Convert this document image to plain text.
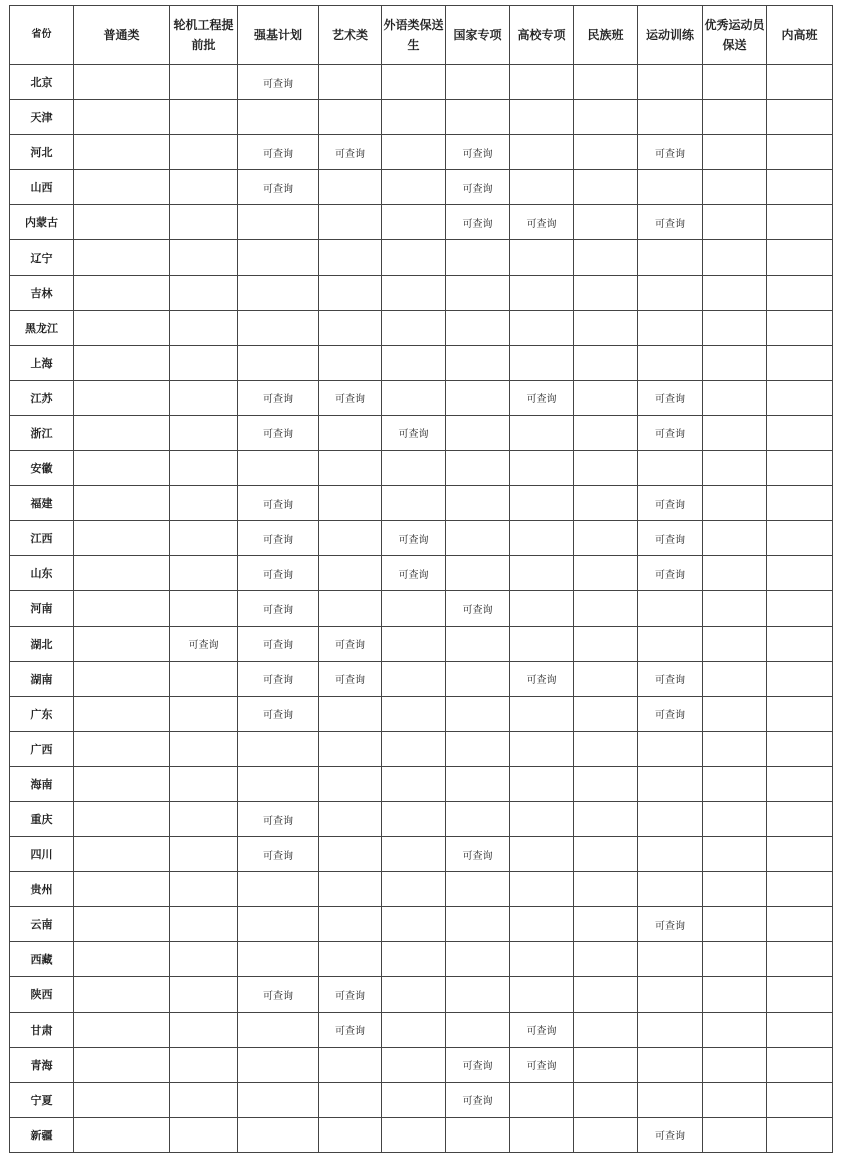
省份	普通类	轮机工程提前批	强基计划	艺术类	外语类保送生	国家专项	高校专项	民族班	运动训练	优秀运动员保送	内高班
北京			可查询								
天津											
河北			可查询	可查询		可查询			可查询		
山西			可查询			可查询					
内蒙古						可查询	可查询		可查询		
辽宁											
吉林											
黑龙江											
上海											
江苏			可查询	可查询			可查询		可查询		
浙江			可查询		可查询				可查询		
安徽											
福建			可查询						可查询		
江西			可查询		可查询				可查询		
山东			可查询		可查询				可查询		
河南			可查询			可查询					
湖北		可查询	可查询	可查询							
湖南			可查询	可查询			可查询		可查询		
广东			可查询						可查询		
广西											
海南											
重庆			可查询								
四川			可查询			可查询					
贵州											
云南									可查询		
西藏											
陕西			可查询	可查询							
甘肃				可查询			可查询				
青海						可查询	可查询				
宁夏						可查询					
新疆									可查询		
